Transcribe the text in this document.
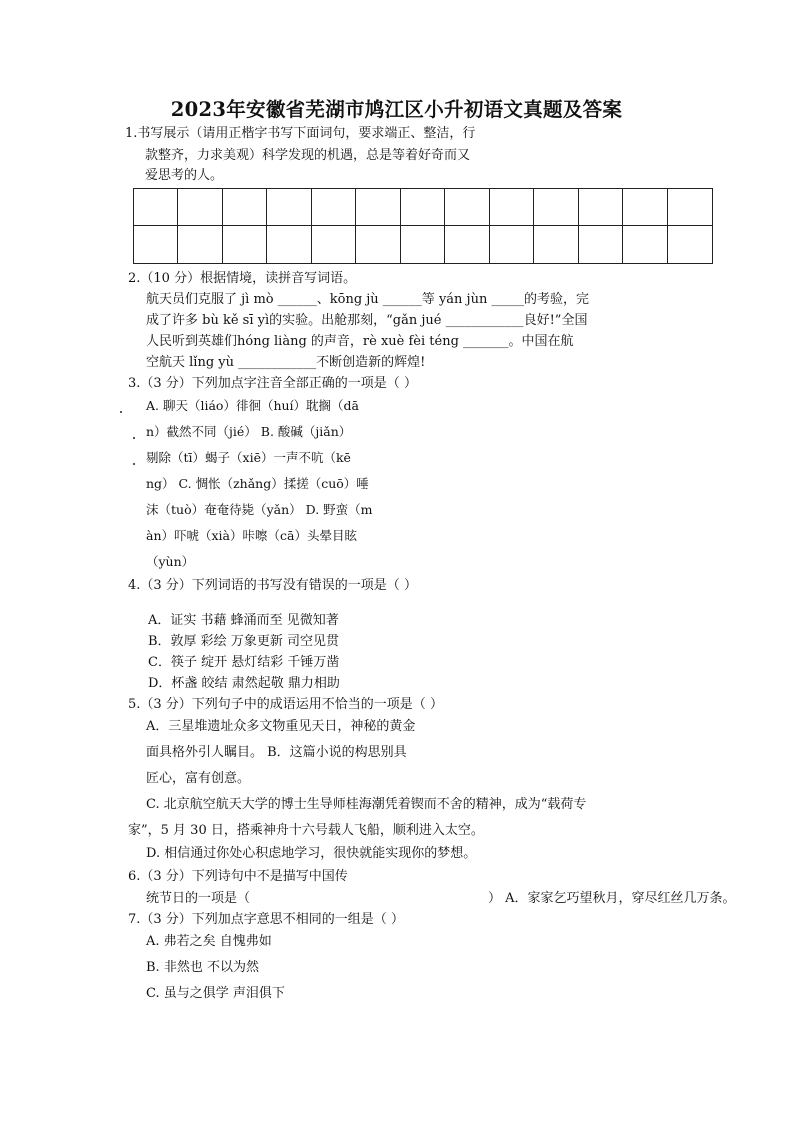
2023年安徽省芜湖市鸠江区小升初语文真题及答案
1.书写展示（请用正楷字书写下面词句，要求端正、整洁，行
款整齐，力求美观）科学发现的机遇，总是等着好奇而又
爱思考的人。
2.（10 分）根据情境，读拼音写词语。
航天员们克服了 jì mò ______、kōng jù ______等 yán jùn _____的考验，完
成了许多 bù kě sī yì的实验。出舱那刻，“gǎn jué ____________良好!”全国
人民听到英雄们hóng liàng 的声音，rè xuè fèi téng _______。中国在航
空航天 lǐng yù ____________不断创造新的辉煌!
3.（3 分）下列加点字注音全部正确的一项是（ ）
A. 聊天（liáo）徘徊（huí）耽搁（dā
n）截然不同（jié） B. 酸碱（jiǎn）
剔除（tī）蝎子（xiē）一声不吭（kē
ng） C. 惆怅（zhǎng）揉搓（cuō）唾
沫（tuò）奄奄待毙（yǎn） D. 野蛮（m
àn）吓唬（xià）咔嚓（cā）头晕目眩
（yùn）
4.（3 分）下列词语的书写没有错误的一项是（ ）
A．证实 书藉 蜂涌而至 见微知著
B．敦厚 彩绘 万象更新 司空见贯
C．筷子 绽开 悬灯结彩 千锤万凿
D．杯盏 皎结 肃然起敬 鼎力相助
5.（3 分）下列句子中的成语运用不恰当的一项是（ ）
A．三星堆遗址众多文物重见天日，神秘的黄金
面具格外引人瞩目。 B．这篇小说的构思别具
匠心，富有创意。
C. 北京航空航天大学的博士生导师桂海潮凭着锲而不舍的精神，成为“载荷专
家”，5 月 30 日，搭乘神舟十六号载人飞船，顺利进入太空。
D. 相信通过你处心积虑地学习，很快就能实现你的梦想。
6.（3 分）下列诗句中不是描写中国传
统节日的一项是（	） A．家家乞巧望秋月，穿尽红丝几万条。
7.（3 分）下列加点字意思不相同的一组是（ ）
A. 弗若之矣 自愧弗如
B. 非然也 不以为然
C. 虽与之俱学 声泪俱下
